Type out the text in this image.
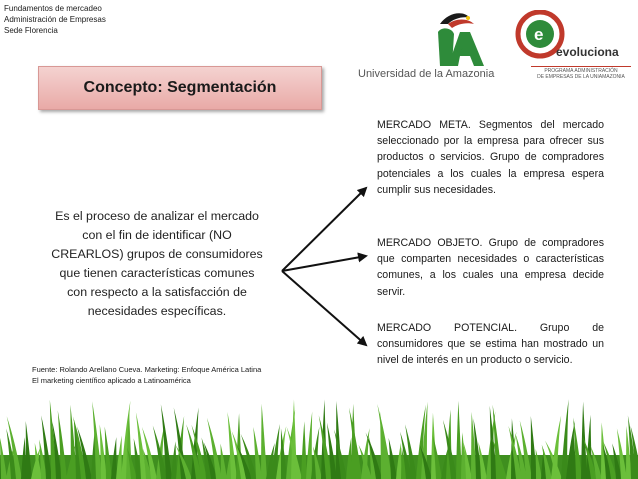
Fundamentos de mercadeo
Administración de Empresas
Sede Florencia
UA
Universidad de la Amazonia
e
evoluciona
PROGRAMA ADMINISTRACIÓN
DE EMPRESAS DE LA UNIAMAZONIA
Concepto: Segmentación
Es el proceso de analizar el mercado con el fin de identificar (NO CREARLOS) grupos de consumidores que tienen características comunes con respecto a la satisfacción de necesidades específicas.
Fuente: Rolando Arellano Cueva. Marketing: Enfoque América Latina
El marketing científico aplicado a Latinoamérica
MERCADO META. Segmentos del mercado seleccionado por la empresa para ofrecer sus productos o servicios. Grupo de compradores potenciales a los cuales la empresa espera cumplir sus necesidades.
MERCADO OBJETO. Grupo de compradores que comparten necesidades o características comunes, a los cuales una empresa decide servir.
MERCADO POTENCIAL. Grupo de consumidores que se estima han mostrado un nivel de interés en un producto o servicio.
